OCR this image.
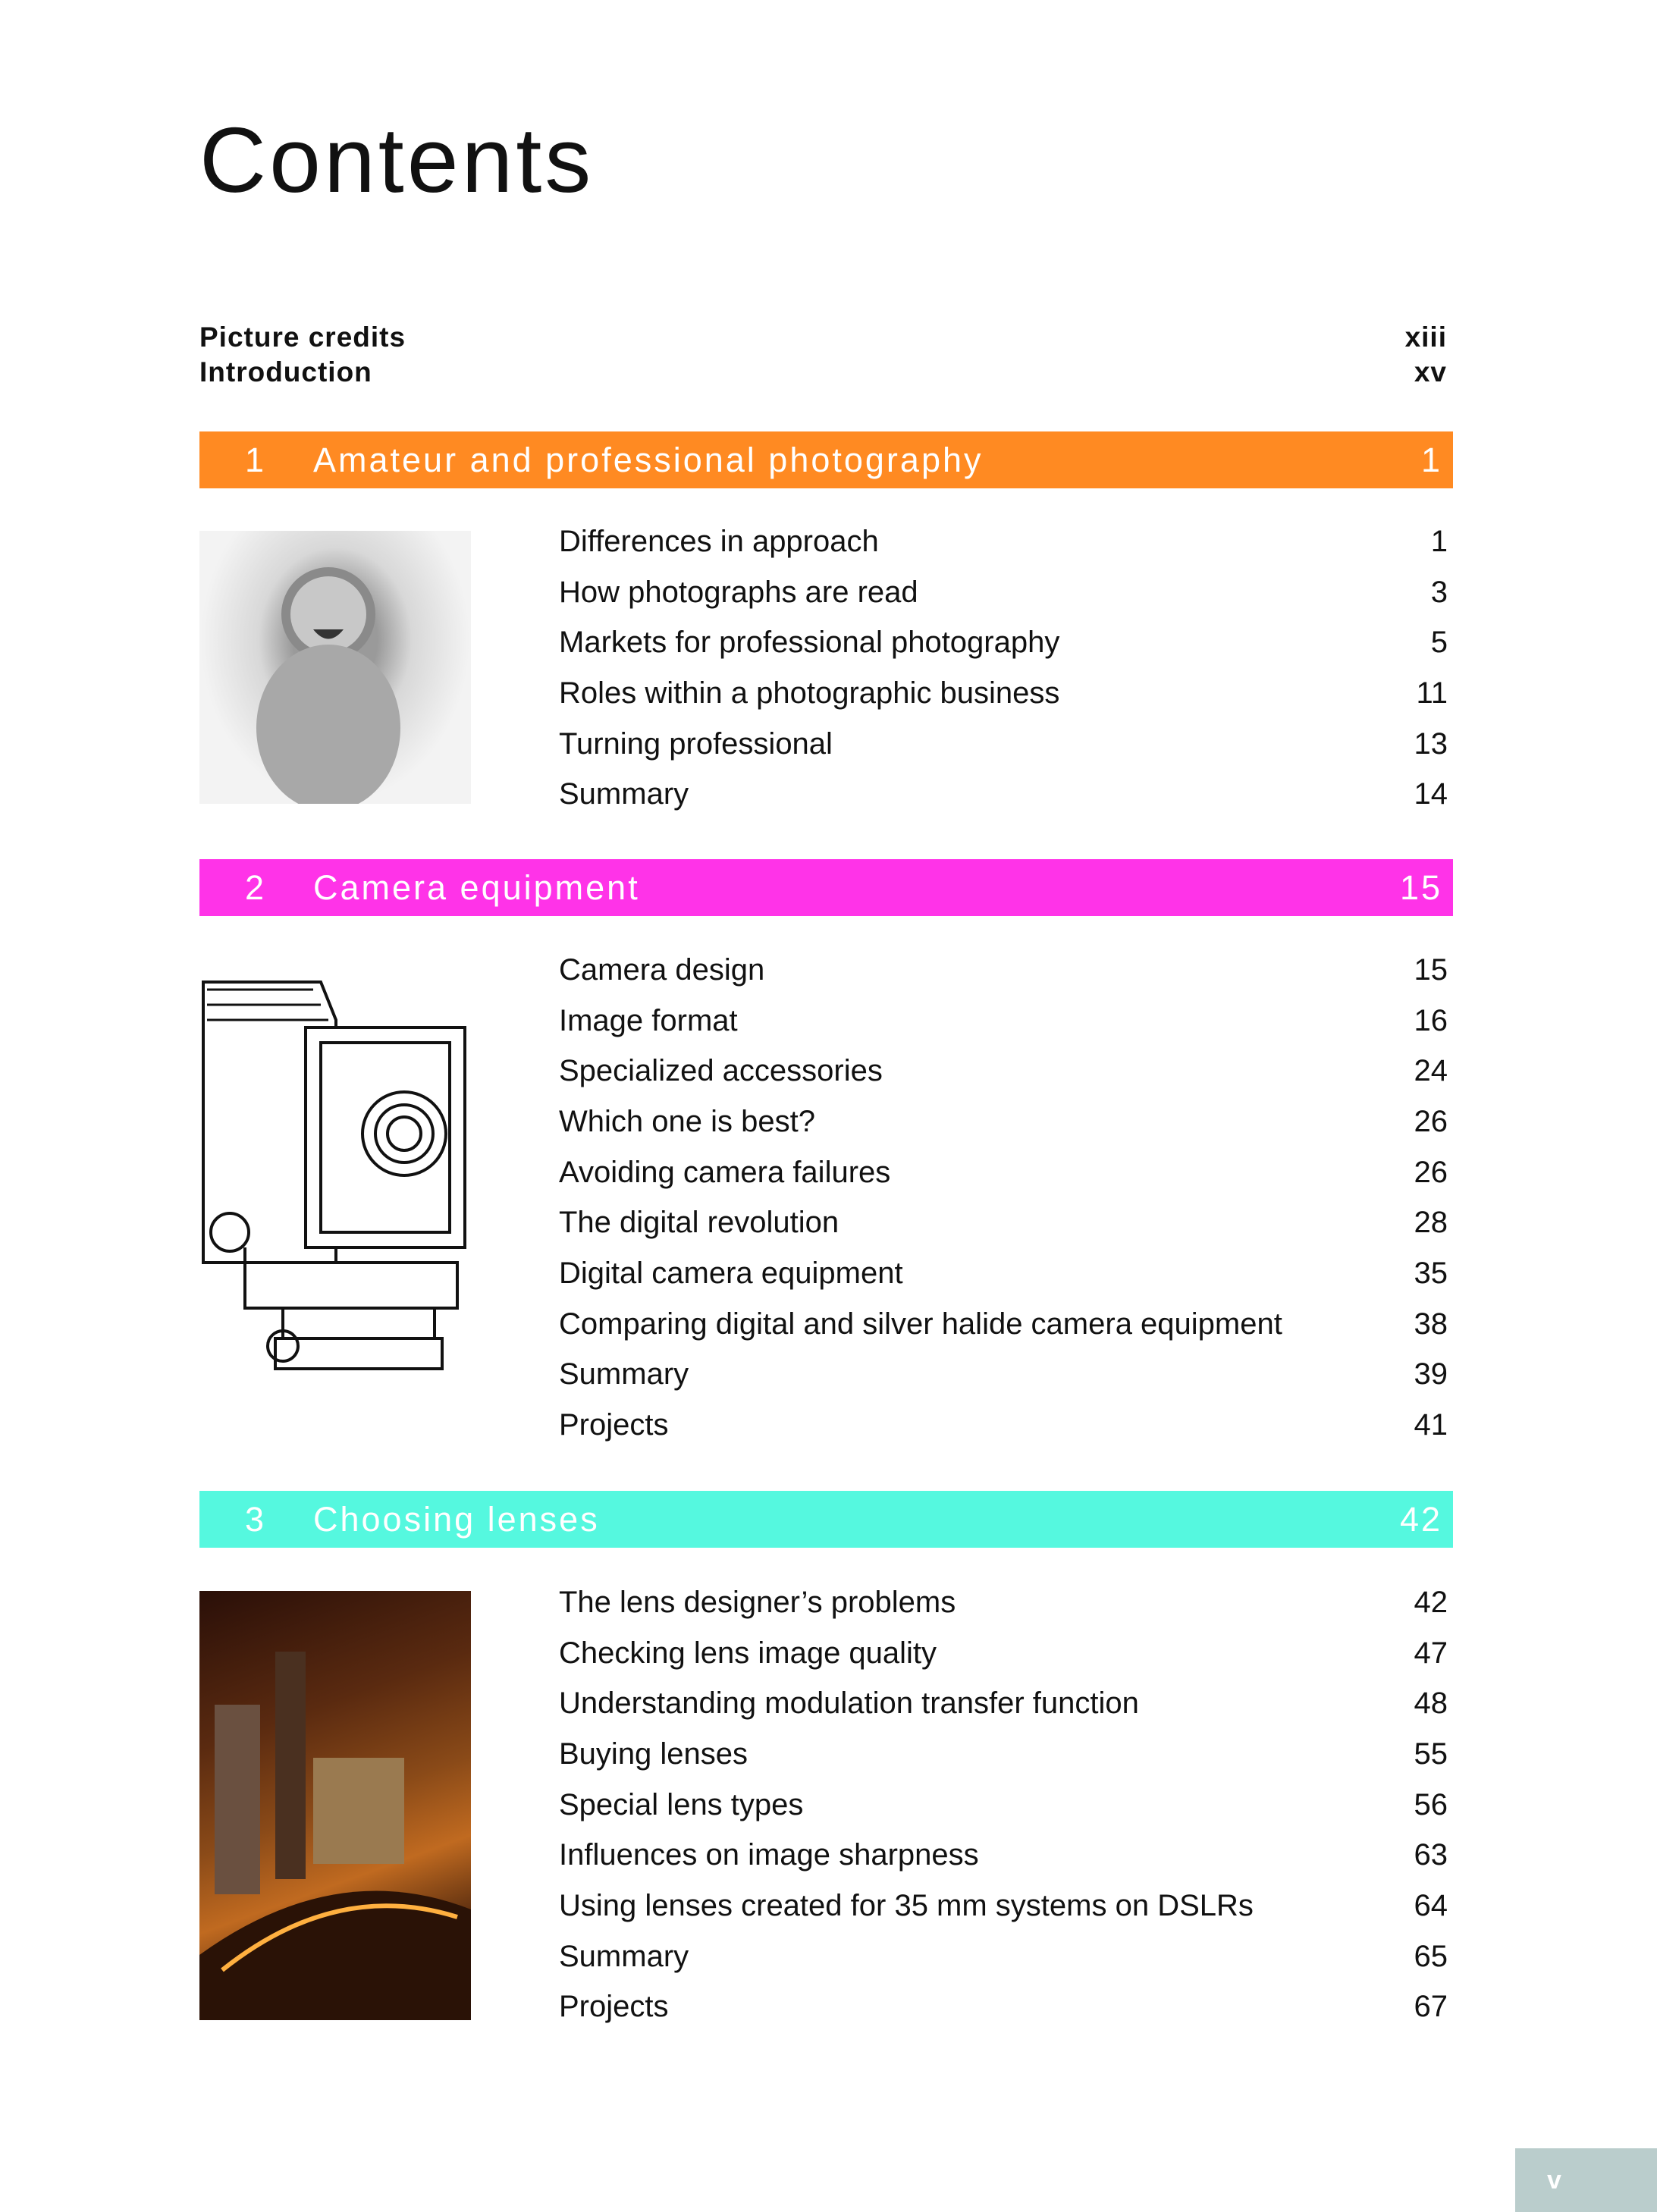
Contents
Picture credits	xiii
Introduction	xv
1	Amateur and professional photography	1
Differences in approach	1
How photographs are read	3
Markets for professional photography	5
Roles within a photographic business	11
Turning professional	13
Summary	14
2	Camera equipment	15
Camera design	15
Image format	16
Specialized accessories	24
Which one is best?	26
Avoiding camera failures	26
The digital revolution	28
Digital camera equipment	35
Comparing digital and silver halide camera equipment	38
Summary	39
Projects	41
3	Choosing lenses	42
The lens designer’s problems	42
Checking lens image quality	47
Understanding modulation transfer function	48
Buying lenses	55
Special lens types	56
Influences on image sharpness	63
Using lenses created for 35 mm systems on DSLRs	64
Summary	65
Projects	67
v
